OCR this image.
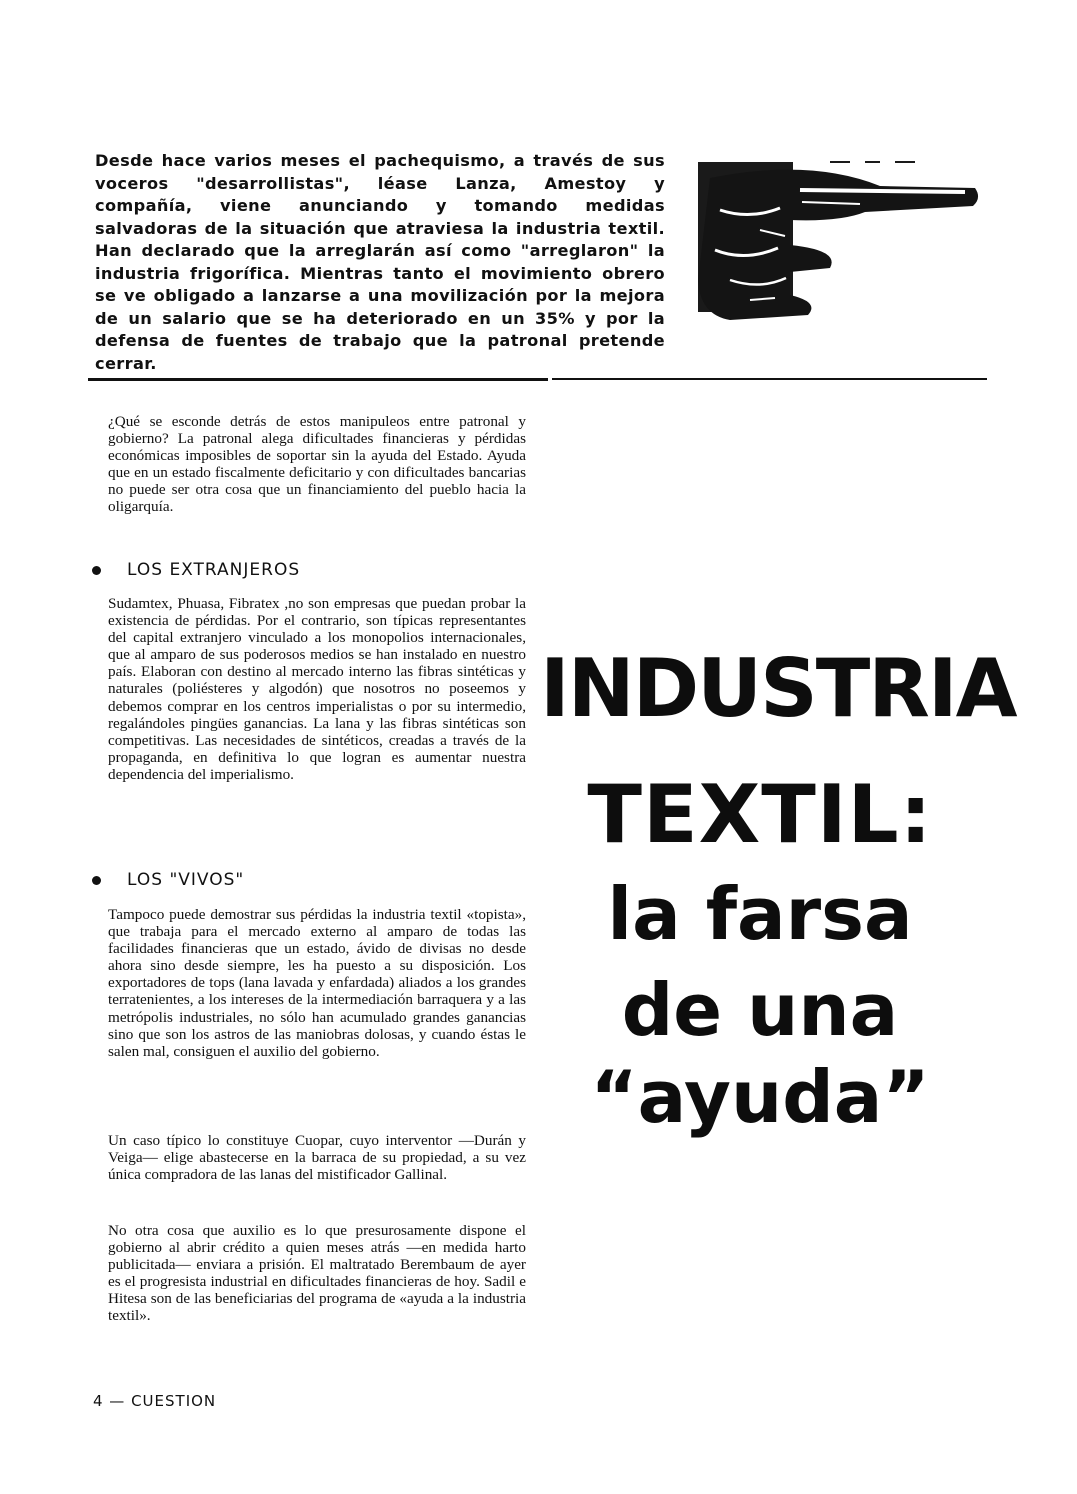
Desde hace varios meses el pachequismo, a través de sus voceros "desarrollistas", léase Lanza, Amestoy y compañía, viene anunciando y tomando medidas salvadoras de la situación que atraviesa la industria textil. Han declarado que la arreglarán así como "arreglaron" la industria frigorífica. Mientras tanto el movimiento obrero se ve obligado a lanzarse a una movilización por la mejora de un salario que se ha deteriorado en un 35% y por la defensa de fuentes de trabajo que la patronal pretende cerrar.

¿Qué se esconde detrás de estos manipuleos entre patronal y gobierno? La patronal alega dificultades financieras y pérdidas económicas imposibles de soportar sin la ayuda del Estado. Ayuda que en un estado fiscalmente deficitario y con dificultades bancarias no puede ser otra cosa que un financiamiento del pueblo hacia la oligarquía.

LOS EXTRANJEROS

Sudamtex, Phuasa, Fibratex ,no son empresas que puedan probar la existencia de pérdidas. Por el contrario, son típicas representantes del capital extranjero vinculado a los monopolios internacionales, que al amparo de sus poderosos medios se han instalado en nuestro país. Elaboran con destino al mercado interno las fibras sintéticas y naturales (poliésteres y algodón) que nosotros no poseemos y debemos comprar en los centros imperialistas o por su intermedio, regalándoles pingües ganancias. La lana y las fibras sintéticas son competitivas. Las necesidades de sintéticos, creadas a través de la propaganda, en definitiva lo que logran es aumentar nuestra dependencia del imperialismo.

LOS "VIVOS"

Tampoco puede demostrar sus pérdidas la industria textil «topista», que trabaja para el mercado externo al amparo de todas las facilidades financieras que un estado, ávido de divisas no desde ahora sino desde siempre, les ha puesto a su disposición. Los exportadores de tops (lana lavada y enfardada) aliados a los grandes terratenientes, a los intereses de la intermediación barraquera y a las metrópolis industriales, no sólo han acumulado grandes ganancias sino que son los astros de las maniobras dolosas, y cuando éstas le salen mal, consiguen el auxilio del gobierno.

Un caso típico lo constituye Cuopar, cuyo interventor —Durán y Veiga— elige abastecerse en la barraca de su propiedad, a su vez única compradora de las lanas del mistificador Gallinal.

No otra cosa que auxilio es lo que presurosamente dispone el gobierno al abrir crédito a quien meses atrás —en medida harto publicitada— enviara a prisión. El maltratado Berembaum de ayer es el progresista industrial en dificultades financieras de hoy. Sadil e Hitesa son de las beneficiarias del programa de «ayuda a la industria textil».

INDUSTRIA

TEXTIL:

la farsa

de una

“ayuda”

4 — CUESTION
